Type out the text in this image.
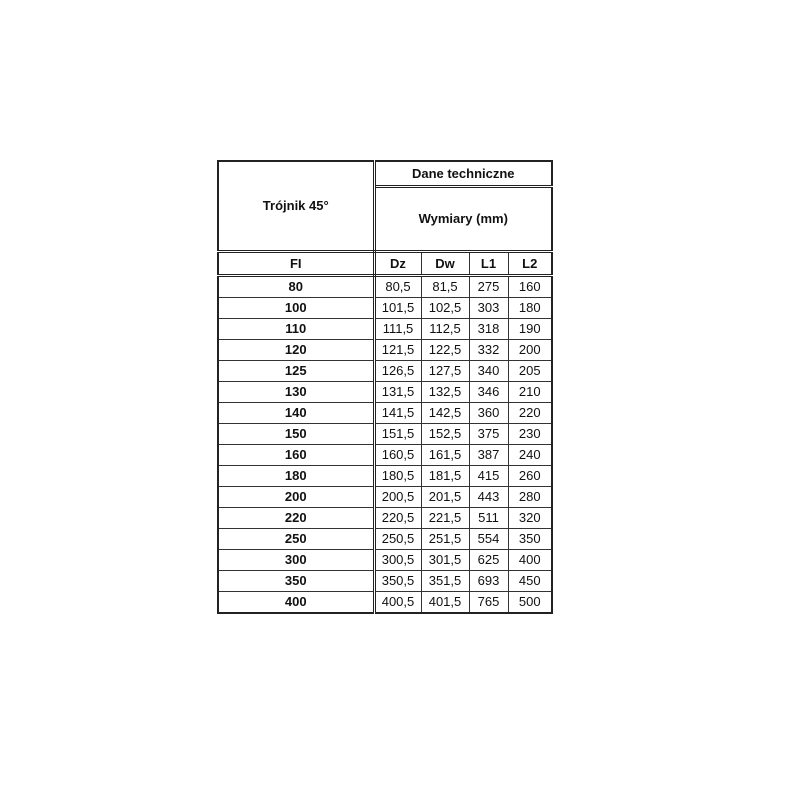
Trójnik 45°	Dane techniczne			
	Wymiary (mm)			
FI	Dz	Dw	L1	L2
80	80,5	81,5	275	160
100	101,5	102,5	303	180
110	111,5	112,5	318	190
120	121,5	122,5	332	200
125	126,5	127,5	340	205
130	131,5	132,5	346	210
140	141,5	142,5	360	220
150	151,5	152,5	375	230
160	160,5	161,5	387	240
180	180,5	181,5	415	260
200	200,5	201,5	443	280
220	220,5	221,5	511	320
250	250,5	251,5	554	350
300	300,5	301,5	625	400
350	350,5	351,5	693	450
400	400,5	401,5	765	500
